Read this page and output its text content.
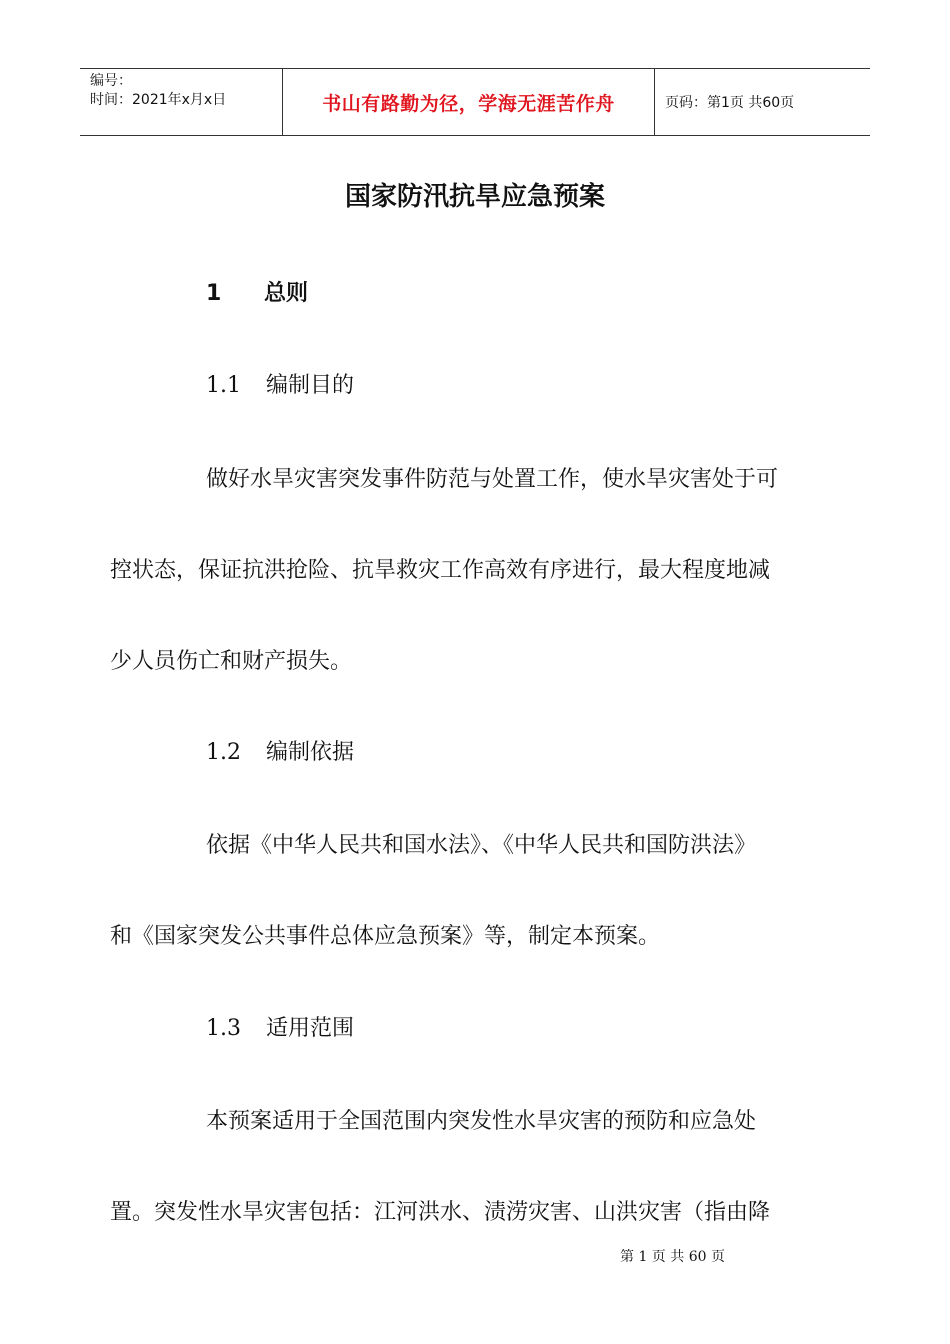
编号：
时间：2021年x月x日	书山有路勤为径，学海无涯苦作舟	页码：第1页 共60页
国家防汛抗旱应急预案
1 总则
1.1 编制目的
做好水旱灾害突发事件防范与处置工作，使水旱灾害处于可
控状态，保证抗洪抢险、抗旱救灾工作高效有序进行，最大程度地减
少人员伤亡和财产损失。
1.2 编制依据
依据《中华人民共和国水法》、《中华人民共和国防洪法》
和《国家突发公共事件总体应急预案》等，制定本预案。
1.3 适用范围
本预案适用于全国范围内突发性水旱灾害的预防和应急处
置。突发性水旱灾害包括：江河洪水、渍涝灾害、山洪灾害（指由降
第 1 页 共 60 页
